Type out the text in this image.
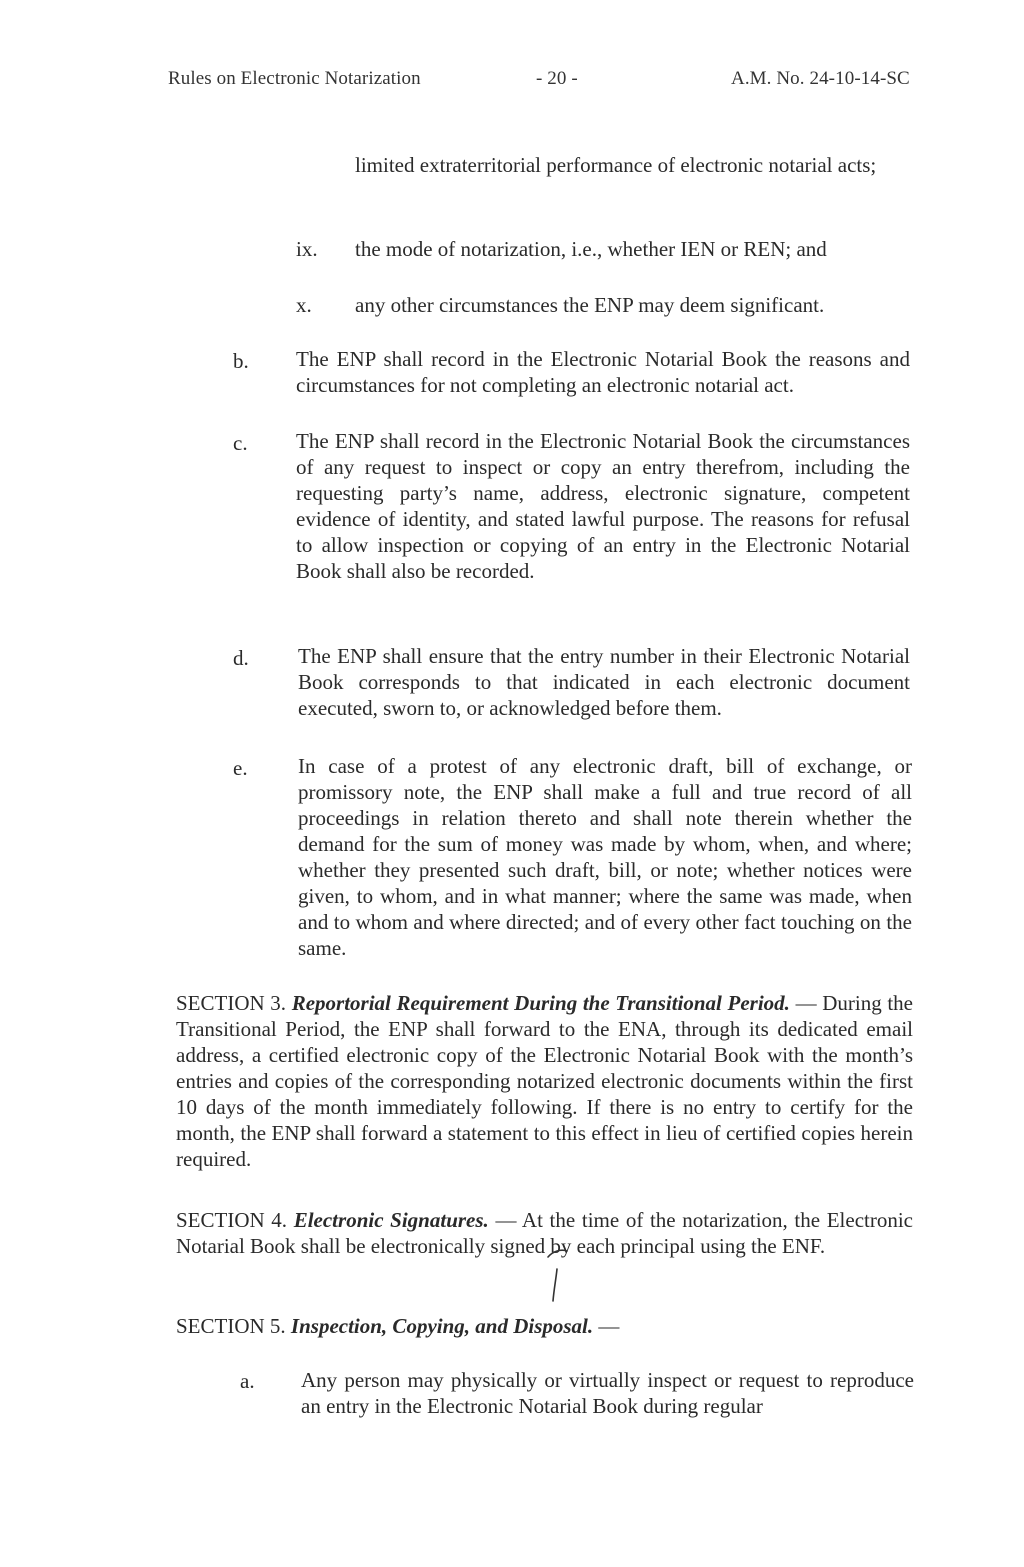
Rules on Electronic Notarization	- 20 -	A.M. No. 24-10-14-SC
limited extraterritorial performance of electronic notarial acts;
ix. the mode of notarization, i.e., whether IEN or REN; and
x. any other circumstances the ENP may deem significant.
b. The ENP shall record in the Electronic Notarial Book the reasons and circumstances for not completing an electronic notarial act.
c. The ENP shall record in the Electronic Notarial Book the circumstances of any request to inspect or copy an entry therefrom, including the requesting party’s name, address, electronic signature, competent evidence of identity, and stated lawful purpose. The reasons for refusal to allow inspection or copying of an entry in the Electronic Notarial Book shall also be recorded.
d. The ENP shall ensure that the entry number in their Electronic Notarial Book corresponds to that indicated in each electronic document executed, sworn to, or acknowledged before them.
e. In case of a protest of any electronic draft, bill of exchange, or promissory note, the ENP shall make a full and true record of all proceedings in relation thereto and shall note therein whether the demand for the sum of money was made by whom, when, and where; whether they presented such draft, bill, or note; whether notices were given, to whom, and in what manner; where the same was made, when and to whom and where directed; and of every other fact touching on the same.
SECTION 3. Reportorial Requirement During the Transitional Period. — During the Transitional Period, the ENP shall forward to the ENA, through its dedicated email address, a certified electronic copy of the Electronic Notarial Book with the month’s entries and copies of the corresponding notarized electronic documents within the first 10 days of the month immediately following. If there is no entry to certify for the month, the ENP shall forward a statement to this effect in lieu of certified copies herein required.
SECTION 4. Electronic Signatures. — At the time of the notarization, the Electronic Notarial Book shall be electronically signed by each principal using the ENF.
SECTION 5. Inspection, Copying, and Disposal. —
a. Any person may physically or virtually inspect or request to reproduce an entry in the Electronic Notarial Book during regular
